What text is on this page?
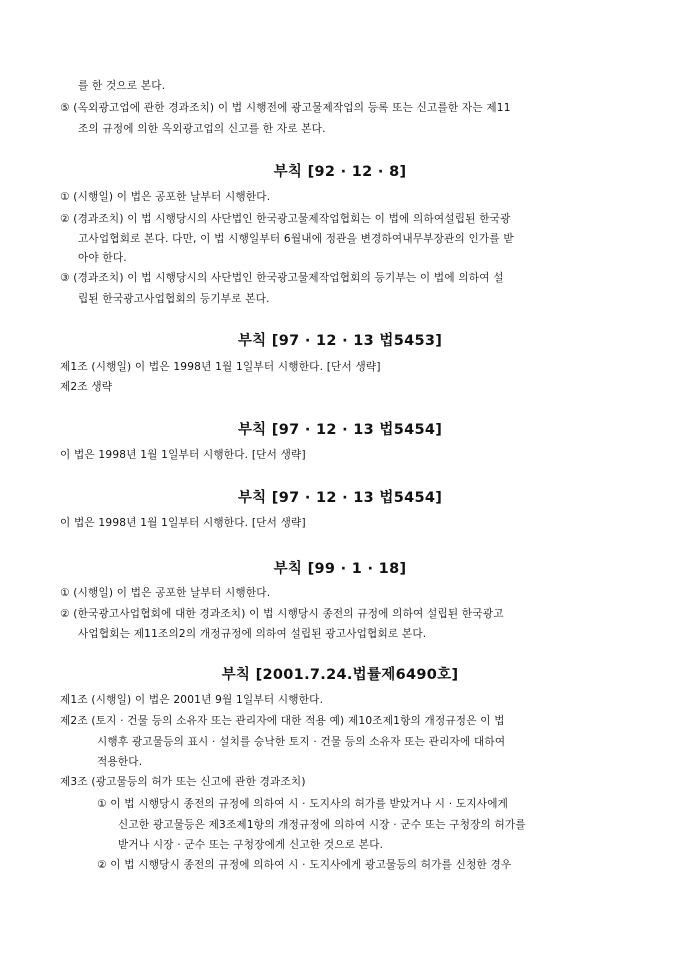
를 한 것으로 본다.
⑤ (옥외광고업에 관한 경과조치) 이 법 시행전에 광고물제작업의 등록 또는 신고를한 자는 제11
조의 규정에 의한 옥외광고업의 신고를 한 자로 본다.
부칙 [92 · 12 · 8]
① (시행일) 이 법은 공포한 날부터 시행한다.
② (경과조치) 이 법 시행당시의 사단법인 한국광고물제작업협회는 이 법에 의하여설립된 한국광
고사업협회로 본다. 다만, 이 법 시행일부터 6월내에 정관을 변경하여내무부장관의 인가를 받
아야 한다.
③ (경과조치) 이 법 시행당시의 사단법인 한국광고물제작업협회의 등기부는 이 법에 의하여 설
립된 한국광고사업협회의 등기부로 본다.
부칙 [97 · 12 · 13 법5453]
제1조 (시행일) 이 법은 1998년 1월 1일부터 시행한다. [단서 생략]
제2조 생략
부칙 [97 · 12 · 13 법5454]
이 법은 1998년 1월 1일부터 시행한다. [단서 생략]
부칙 [97 · 12 · 13 법5454]
이 법은 1998년 1월 1일부터 시행한다. [단서 생략]
부칙 [99 · 1 · 18]
① (시행일) 이 법은 공포한 날부터 시행한다.
② (한국광고사업협회에 대한 경과조치) 이 법 시행당시 종전의 규정에 의하여 설립된 한국광고
사업협회는 제11조의2의 개정규정에 의하여 설립된 광고사업협회로 본다.
부칙 [2001.7.24.법률제6490호]
제1조 (시행일) 이 법은 2001년 9월 1일부터 시행한다.
제2조 (토지 · 건물 등의 소유자 또는 관리자에 대한 적용 예) 제10조제1항의 개정규정은 이 법
시행후 광고물등의 표시 · 설치를 승낙한 토지 · 건물 등의 소유자 또는 관리자에 대하여
적용한다.
제3조 (광고물등의 허가 또는 신고에 관한 경과조치)
① 이 법 시행당시 종전의 규정에 의하여 시 · 도지사의 허가를 받았거나 시 · 도지사에게
신고한 광고물등은 제3조제1항의 개정규정에 의하여 시장 · 군수 또는 구청장의 허가를
받거나 시장 · 군수 또는 구청장에게 신고한 것으로 본다.
② 이 법 시행당시 종전의 규정에 의하여 시 · 도지사에게 광고물등의 허가를 신청한 경우
